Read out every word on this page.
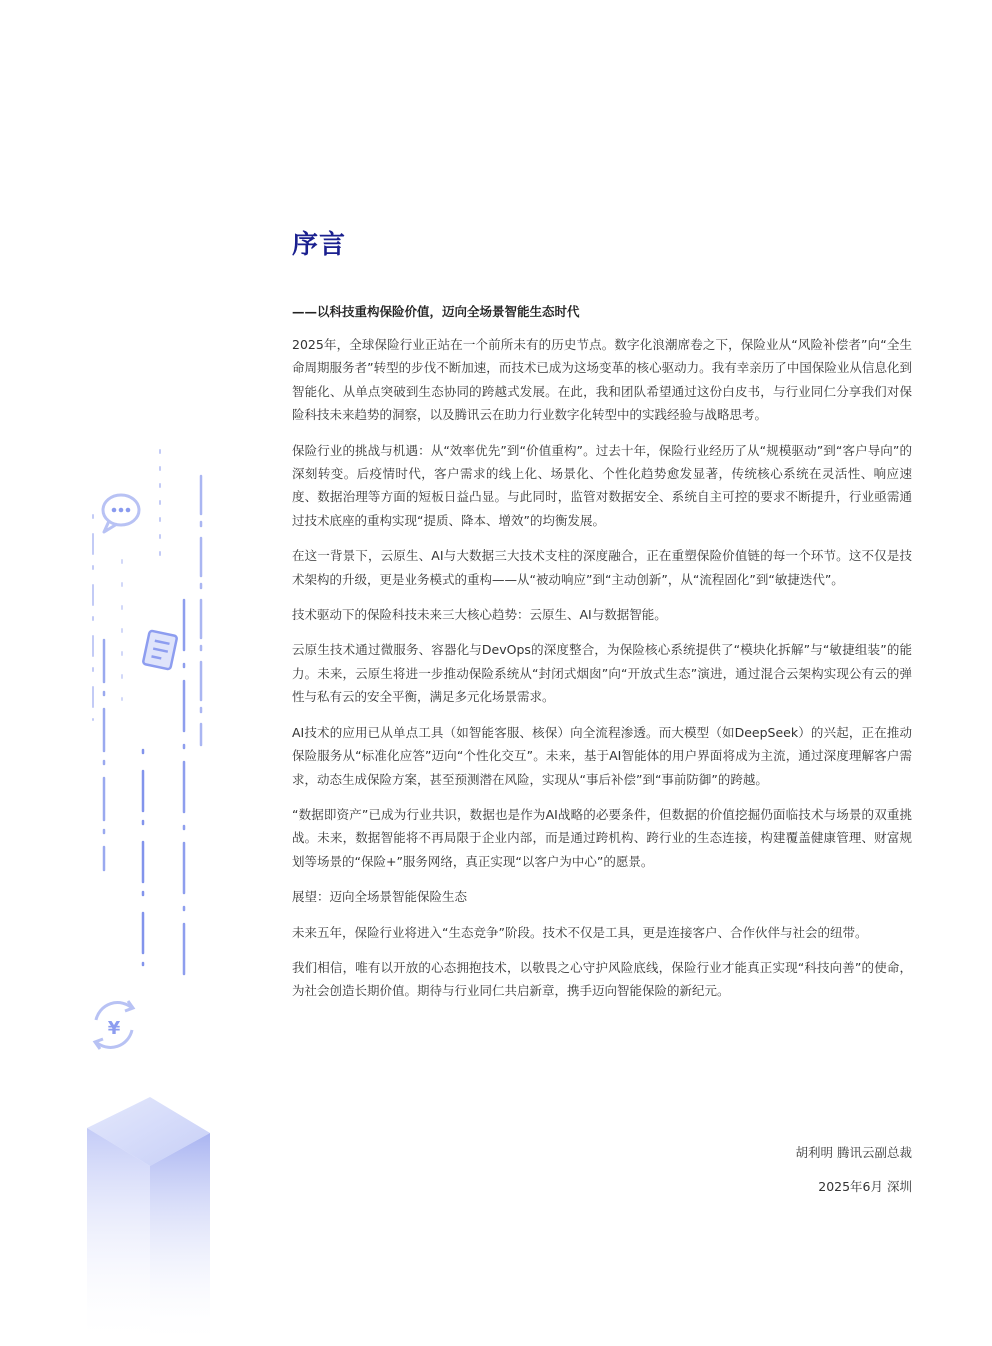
¥
序言
——以科技重构保险价值，迈向全场景智能生态时代

2025年，全球保险行业正站在一个前所未有的历史节点。数字化浪潮席卷之下，保险业从“风险补偿者”向“全生命周期服务者”转型的步伐不断加速，而技术已成为这场变革的核心驱动力。我有幸亲历了中国保险业从信息化到智能化、从单点突破到生态协同的跨越式发展。在此，我和团队希望通过这份白皮书，与行业同仁分享我们对保险科技未来趋势的洞察，以及腾讯云在助力行业数字化转型中的实践经验与战略思考。

保险行业的挑战与机遇：从“效率优先”到“价值重构”。过去十年，保险行业经历了从“规模驱动”到“客户导向”的深刻转变。后疫情时代，客户需求的线上化、场景化、个性化趋势愈发显著，传统核心系统在灵活性、响应速度、数据治理等方面的短板日益凸显。与此同时，监管对数据安全、系统自主可控的要求不断提升，行业亟需通过技术底座的重构实现“提质、降本、增效”的均衡发展。

在这一背景下，云原生、AI与大数据三大技术支柱的深度融合，正在重塑保险价值链的每一个环节。这不仅是技术架构的升级，更是业务模式的重构——从“被动响应”到“主动创新”，从“流程固化”到“敏捷迭代”。

技术驱动下的保险科技未来三大核心趋势：云原生、AI与数据智能。

云原生技术通过微服务、容器化与DevOps的深度整合，为保险核心系统提供了“模块化拆解”与“敏捷组装”的能力。未来，云原生将进一步推动保险系统从“封闭式烟囱”向“开放式生态”演进，通过混合云架构实现公有云的弹性与私有云的安全平衡，满足多元化场景需求。

AI技术的应用已从单点工具（如智能客服、核保）向全流程渗透。而大模型（如DeepSeek）的兴起，正在推动保险服务从“标准化应答”迈向“个性化交互”。未来，基于AI智能体的用户界面将成为主流，通过深度理解客户需求，动态生成保险方案，甚至预测潜在风险，实现从“事后补偿”到“事前防御”的跨越。

“数据即资产”已成为行业共识，数据也是作为AI战略的必要条件，但数据的价值挖掘仍面临技术与场景的双重挑战。未来，数据智能将不再局限于企业内部，而是通过跨机构、跨行业的生态连接，构建覆盖健康管理、财富规划等场景的“保险+”服务网络，真正实现“以客户为中心”的愿景。

展望：迈向全场景智能保险生态

未来五年，保险行业将进入“生态竞争”阶段。技术不仅是工具，更是连接客户、合作伙伴与社会的纽带。

我们相信，唯有以开放的心态拥抱技术，以敬畏之心守护风险底线，保险行业才能真正实现“科技向善”的使命，为社会创造长期价值。期待与行业同仁共启新章，携手迈向智能保险的新纪元。

胡利明 腾讯云副总裁
2025年6月 深圳
